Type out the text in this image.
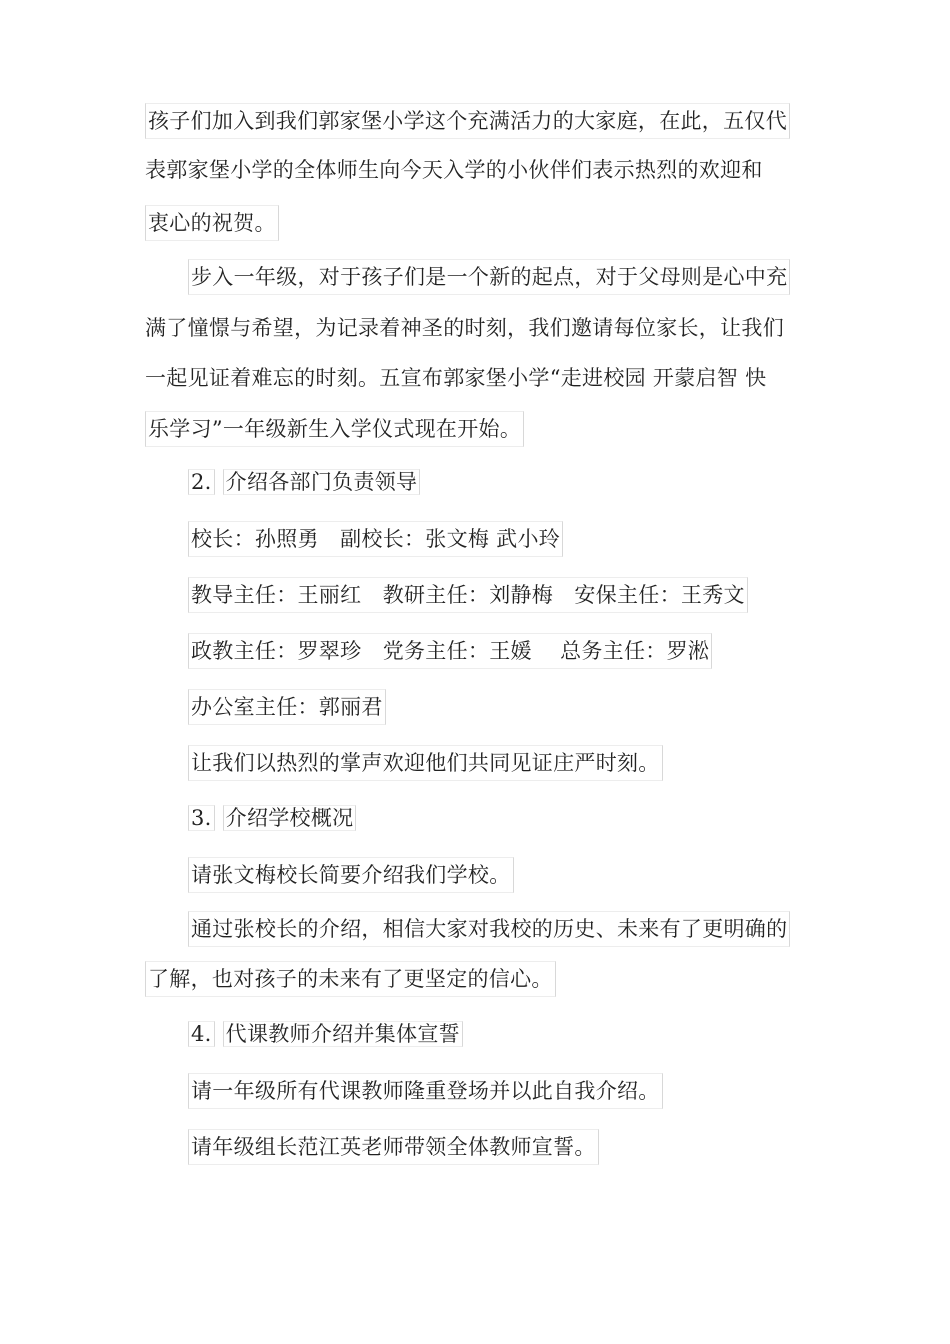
孩子们加入到我们郭家堡小学这个充满活力的大家庭，在此，五仅代
表郭家堡小学的全体师生向今天入学的小伙伴们表示热烈的欢迎和
衷心的祝贺。
步入一年级，对于孩子们是一个新的起点，对于父母则是心中充
满了憧憬与希望，为记录着神圣的时刻，我们邀请每位家长，让我们
一起见证着难忘的时刻。五宣布郭家堡小学“走进校园 开蒙启智 快
乐学习”一年级新生入学仪式现在开始。
2. 介绍各部门负责领导
校长：孙照勇　副校长：张文梅 武小玲
教导主任：王丽红　教研主任：刘静梅　安保主任：王秀文
政教主任：罗翠珍　党务主任：王媛　 总务主任：罗淞
办公室主任：郭丽君
让我们以热烈的掌声欢迎他们共同见证庄严时刻。
3. 介绍学校概况
请张文梅校长简要介绍我们学校。
通过张校长的介绍，相信大家对我校的历史、未来有了更明确的
了解，也对孩子的未来有了更坚定的信心。
4. 代课教师介绍并集体宣誓
请一年级所有代课教师隆重登场并以此自我介绍。
请年级组长范江英老师带领全体教师宣誓。
